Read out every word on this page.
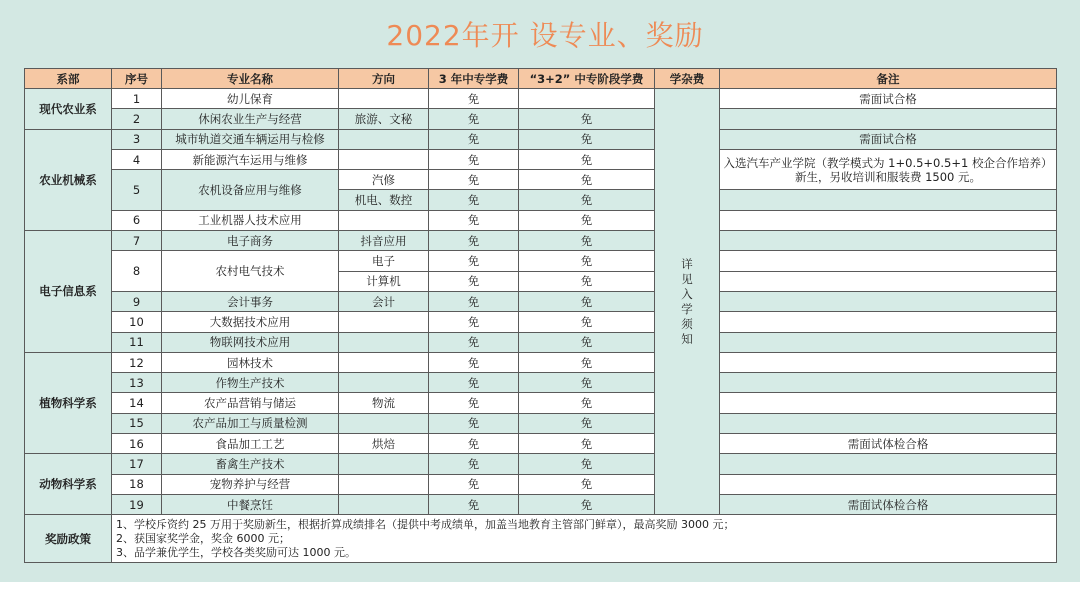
2022年开 设专业、奖励
系部	序号	专业名称	方向	3 年中专学费	“3+2” 中专阶段学费	学杂费	备注
现代农业系	1	幼儿保育		免		详见入学须知	需面试合格
	2	休闲农业生产与经营	旅游、文秘	免	免		
农业机械系	3	城市轨道交通车辆运用与检修		免	免		需面试合格
	4	新能源汽车运用与维修		免	免		入选汽车产业学院（教学模式为 1+0.5+0.5+1 校企合作培养）新生，另收培训和服装费 1500 元。
	5	农机设备应用与维修	汽修	免	免		
			机电、数控	免	免		
	6	工业机器人技术应用		免	免		
电子信息系	7	电子商务	抖音应用	免	免		
	8	农村电气技术	电子	免	免		
			计算机	免	免		
	9	会计事务	会计	免	免		
	10	大数据技术应用		免	免		
	11	物联网技术应用		免	免		
植物科学系	12	园林技术		免	免		
	13	作物生产技术		免	免		
	14	农产品营销与储运	物流	免	免		
	15	农产品加工与质量检测		免	免		
	16	食品加工工艺	烘焙	免	免		需面试体检合格
动物科学系	17	畜禽生产技术		免	免		
	18	宠物养护与经营		免	免		
	19	中餐烹饪		免	免		需面试体检合格
奖励政策	1、学校斥资约 25 万用于奖励新生，根据折算成绩排名（提供中考成绩单，加盖当地教育主管部门鲜章），最高奖励 3000 元；
2、获国家奖学金，奖金 6000 元；
3、品学兼优学生，学校各类奖励可达 1000 元。						
